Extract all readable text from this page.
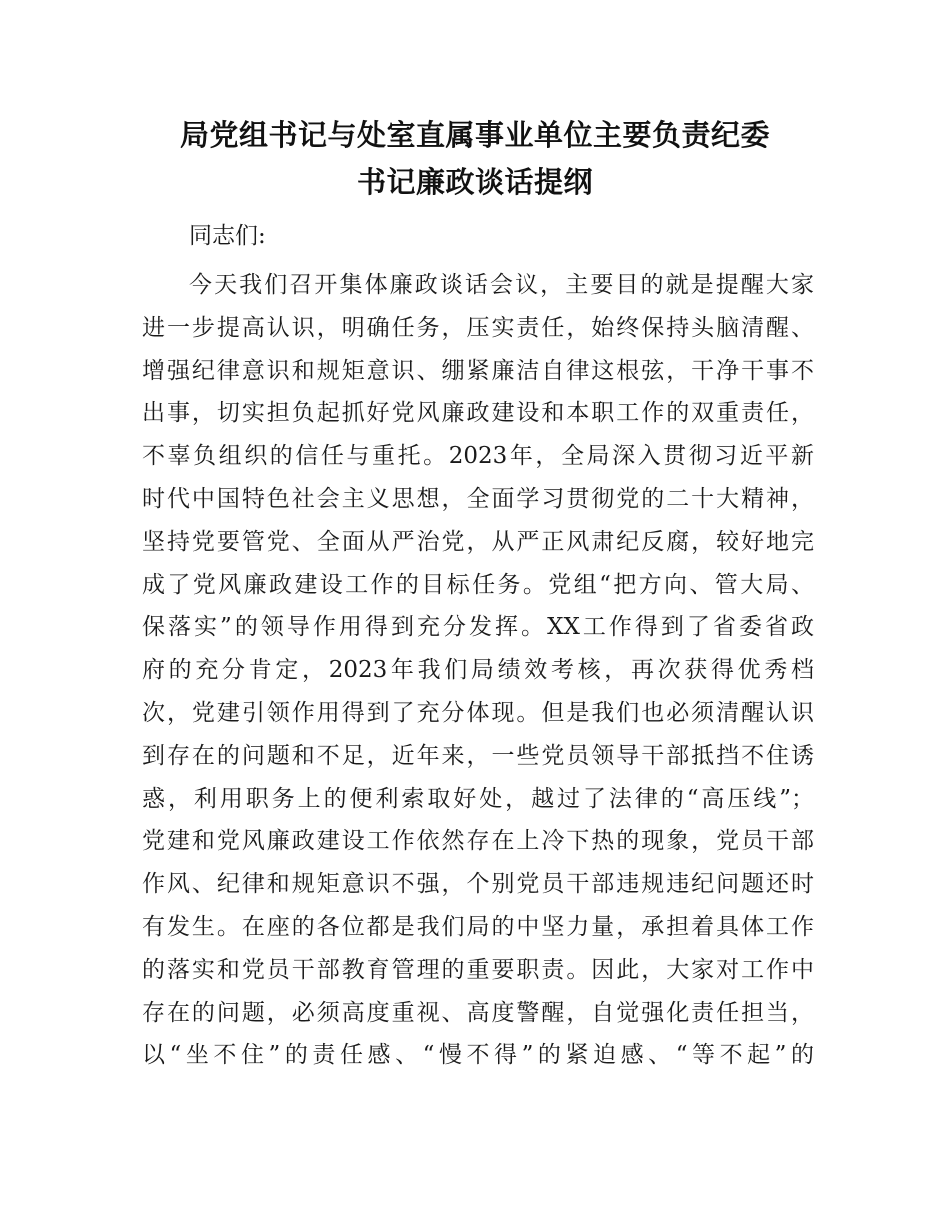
局党组书记与处室直属事业单位主要负责纪委
书记廉政谈话提纲
同志们:
今天我们召开集体廉政谈话会议，主要目的就是提醒大家
进一步提高认识，明确任务，压实责任，始终保持头脑清醒、
增强纪律意识和规矩意识、绷紧廉洁自律这根弦，干净干事不
出事，切实担负起抓好党风廉政建设和本职工作的双重责任，
不辜负组织的信任与重托。2023年，全局深入贯彻习近平新
时代中国特色社会主义思想，全面学习贯彻党的二十大精神，
坚持党要管党、全面从严治党，从严正风肃纪反腐，较好地完
成了党风廉政建设工作的目标任务。党组“把方向、管大局、
保落实”的领导作用得到充分发挥。XX工作得到了省委省政
府的充分肯定，2023年我们局绩效考核，再次获得优秀档
次，党建引领作用得到了充分体现。但是我们也必须清醒认识
到存在的问题和不足，近年来，一些党员领导干部抵挡不住诱
惑，利用职务上的便利索取好处，越过了法律的“高压线”；
党建和党风廉政建设工作依然存在上冷下热的现象，党员干部
作风、纪律和规矩意识不强，个别党员干部违规违纪问题还时
有发生。在座的各位都是我们局的中坚力量，承担着具体工作
的落实和党员干部教育管理的重要职责。因此，大家对工作中
存在的问题，必须高度重视、高度警醒，自觉强化责任担当，
以“坐不住”的责任感、“慢不得”的紧迫感、“等不起”的
